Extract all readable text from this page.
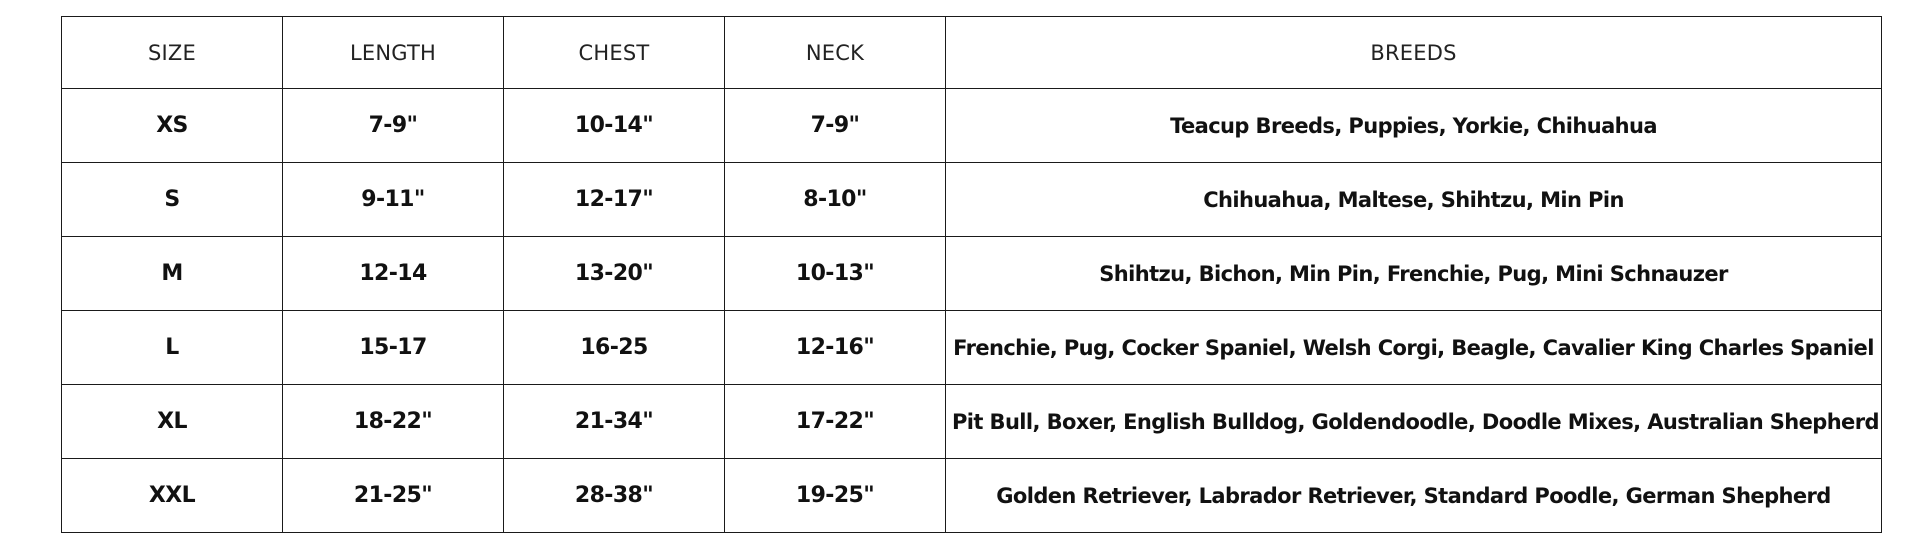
SIZE	LENGTH	CHEST	NECK	BREEDS
XS	7-9"	10-14"	7-9"	Teacup Breeds, Puppies, Yorkie, Chihuahua
S	9-11"	12-17"	8-10"	Chihuahua, Maltese, Shihtzu, Min Pin
M	12-14	13-20"	10-13"	Shihtzu, Bichon, Min Pin, Frenchie, Pug, Mini Schnauzer
L	15-17	16-25	12-16"	Frenchie, Pug, Cocker Spaniel, Welsh Corgi, Beagle, Cavalier King Charles Spaniel
XL	18-22"	21-34"	17-22"	Pit Bull, Boxer, English Bulldog, Goldendoodle, Doodle Mixes, Australian Shepherd
XXL	21-25"	28-38"	19-25"	Golden Retriever, Labrador Retriever, Standard Poodle, German Shepherd
